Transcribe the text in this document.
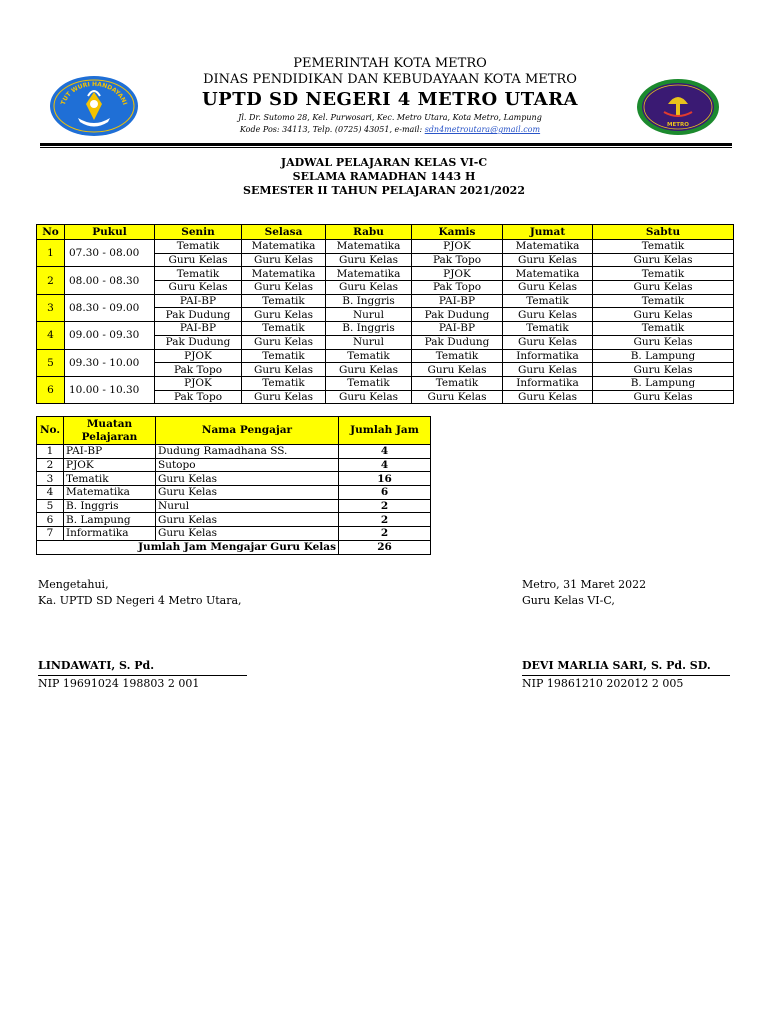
TUT WURI HANDAYANI
METRO
PEMERINTAH KOTA METRO
DINAS PENDIDIKAN DAN KEBUDAYAAN KOTA METRO
UPTD SD NEGERI 4 METRO UTARA
Jl. Dr. Sutomo 28, Kel. Purwosari, Kec. Metro Utara, Kota Metro, Lampung
Kode Pos: 34113, Telp. (0725) 43051, e-mail: sdn4metroutara@gmail.com
JADWAL PELAJARAN KELAS VI-C
SELAMA RAMADHAN 1443 H
SEMESTER II TAHUN PELAJARAN 2021/2022
No	Pukul	Senin	Selasa	Rabu	Kamis	Jumat	Sabtu
1	07.30 - 08.00	Tematik	Matematika	Matematika	PJOK	Matematika	Tematik
		Guru Kelas	Guru Kelas	Guru Kelas	Pak Topo	Guru Kelas	Guru Kelas
2	08.00 - 08.30	Tematik	Matematika	Matematika	PJOK	Matematika	Tematik
		Guru Kelas	Guru Kelas	Guru Kelas	Pak Topo	Guru Kelas	Guru Kelas
3	08.30 - 09.00	PAI-BP	Tematik	B. Inggris	PAI-BP	Tematik	Tematik
		Pak Dudung	Guru Kelas	Nurul	Pak Dudung	Guru Kelas	Guru Kelas
4	09.00 - 09.30	PAI-BP	Tematik	B. Inggris	PAI-BP	Tematik	Tematik
		Pak Dudung	Guru Kelas	Nurul	Pak Dudung	Guru Kelas	Guru Kelas
5	09.30 - 10.00	PJOK	Tematik	Tematik	Tematik	Informatika	B. Lampung
		Pak Topo	Guru Kelas	Guru Kelas	Guru Kelas	Guru Kelas	Guru Kelas
6	10.00 - 10.30	PJOK	Tematik	Tematik	Tematik	Informatika	B. Lampung
		Pak Topo	Guru Kelas	Guru Kelas	Guru Kelas	Guru Kelas	Guru Kelas
No.	Muatan Pelajaran	Nama Pengajar	Jumlah Jam
1	PAI-BP	Dudung Ramadhana SS.	4
2	PJOK	Sutopo	4
3	Tematik	Guru Kelas	16
4	Matematika	Guru Kelas	6
5	B. Inggris	Nurul	2
6	B. Lampung	Guru Kelas	2
7	Informatika	Guru Kelas	2
Jumlah Jam Mengajar Guru Kelas			26
Mengetahui,
Ka. UPTD SD Negeri 4 Metro Utara,
LINDAWATI, S. Pd.
NIP 19691024 198803 2 001
Metro, 31 Maret 2022
Guru Kelas VI-C,
DEVI MARLIA SARI, S. Pd. SD.
NIP 19861210 202012 2 005
